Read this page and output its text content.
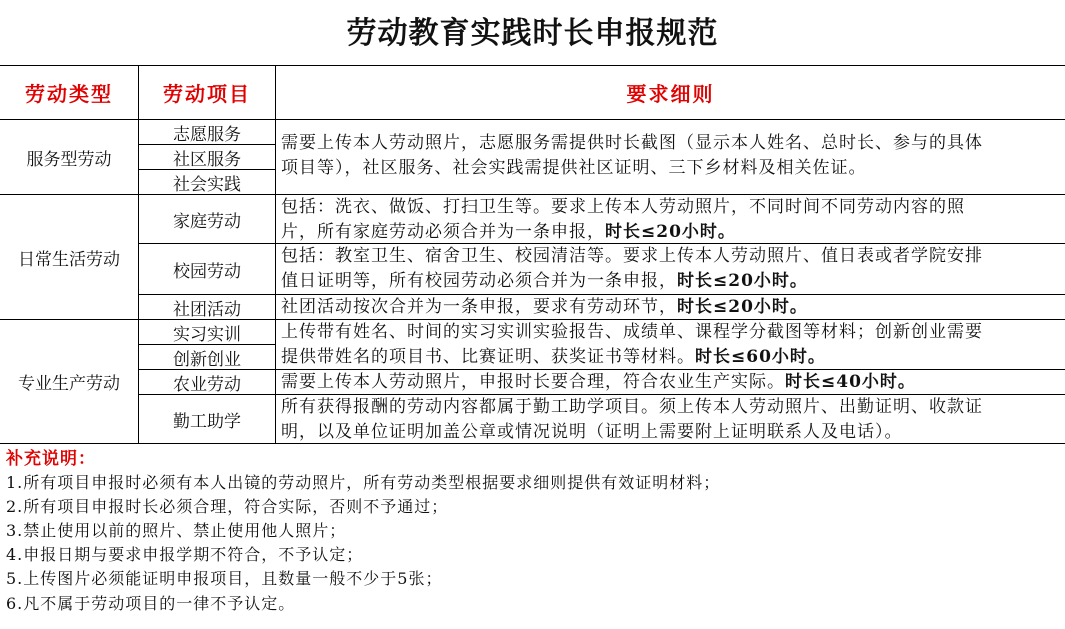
劳动教育实践时长申报规范
劳动类型	劳动项目	要求细则
服务型劳动
志愿服务
社区服务
社会实践
需要上传本人劳动照片，志愿服务需提供时长截图（显示本人姓名、总时长、参与的具体
项目等），社区服务、社会实践需提供社区证明、三下乡材料及相关佐证。
日常生活劳动
家庭劳动
校园劳动
社团活动
包括：洗衣、做饭、打扫卫生等。要求上传本人劳动照片，不同时间不同劳动内容的照
片，所有家庭劳动必须合并为一条申报，时长≤20小时。
包括：教室卫生、宿舍卫生、校园清洁等。要求上传本人劳动照片、值日表或者学院安排
值日证明等，所有校园劳动必须合并为一条申报，时长≤20小时。
社团活动按次合并为一条申报，要求有劳动环节，时长≤20小时。
专业生产劳动
实习实训
创新创业
农业劳动
勤工助学
上传带有姓名、时间的实习实训实验报告、成绩单、课程学分截图等材料；创新创业需要
提供带姓名的项目书、比赛证明、获奖证书等材料。时长≤60小时。
需要上传本人劳动照片，申报时长要合理，符合农业生产实际。时长≤40小时。
所有获得报酬的劳动内容都属于勤工助学项目。须上传本人劳动照片、出勤证明、收款证
明，以及单位证明加盖公章或情况说明（证明上需要附上证明联系人及电话）。
补充说明：
1.所有项目申报时必须有本人出镜的劳动照片，所有劳动类型根据要求细则提供有效证明材料；
2.所有项目申报时长必须合理，符合实际，否则不予通过；
3.禁止使用以前的照片、禁止使用他人照片；
4.申报日期与要求申报学期不符合，不予认定；
5.上传图片必须能证明申报项目，且数量一般不少于5张；
6.凡不属于劳动项目的一律不予认定。
